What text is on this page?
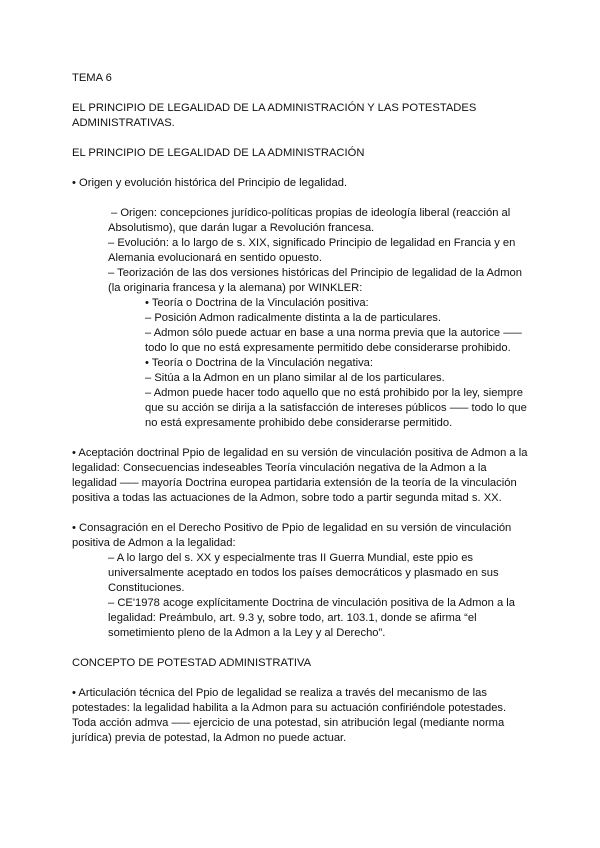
TEMA 6
EL PRINCIPIO DE LEGALIDAD DE LA ADMINISTRACIÓN Y LAS POTESTADES
ADMINISTRATIVAS.
EL PRINCIPIO DE LEGALIDAD DE LA ADMINISTRACIÓN
• Origen y evolución histórica del Principio de legalidad.
– Origen: concepciones jurídico-políticas propias de ideología liberal (reacción al
Absolutismo), que darán lugar a Revolución francesa.
– Evolución: a lo largo de s. XIX, significado Principio de legalidad en Francia y en
Alemania evolucionará en sentido opuesto.
– Teorización de las dos versiones históricas del Principio de legalidad de la Admon
(la originaria francesa y la alemana) por WINKLER:
• Teoría o Doctrina de la Vinculación positiva:
– Posición Admon radicalmente distinta a la de particulares.
– Admon sólo puede actuar en base a una norma previa que la autorice –––
todo lo que no está expresamente permitido debe considerarse prohibido.
• Teoría o Doctrina de la Vinculación negativa:
– Sitúa a la Admon en un plano similar al de los particulares.
– Admon puede hacer todo aquello que no está prohibido por la ley, siempre
que su acción se dirija a la satisfacción de intereses públicos ––– todo lo que
no está expresamente prohibido debe considerarse permitido.
• Aceptación doctrinal Ppio de legalidad en su versión de vinculación positiva de Admon a la
legalidad: Consecuencias indeseables Teoría vinculación negativa de la Admon a la
legalidad ––– mayoría Doctrina europea partidaria extensión de la teoría de la vinculación
positiva a todas las actuaciones de la Admon, sobre todo a partir segunda mitad s. XX.
• Consagración en el Derecho Positivo de Ppio de legalidad en su versión de vinculación
positiva de Admon a la legalidad:
– A lo largo del s. XX y especialmente tras II Guerra Mundial, este ppio es
universalmente aceptado en todos los países democráticos y plasmado en sus
Constituciones.
– CE'1978 acoge explícitamente Doctrina de vinculación positiva de la Admon a la
legalidad: Preámbulo, art. 9.3 y, sobre todo, art. 103.1, donde se afirma “el
sometimiento pleno de la Admon a la Ley y al Derecho”.
CONCEPTO DE POTESTAD ADMINISTRATIVA
• Articulación técnica del Ppio de legalidad se realiza a través del mecanismo de las
potestades: la legalidad habilita a la Admon para su actuación confiriéndole potestades.
Toda acción admva ––– ejercicio de una potestad, sin atribución legal (mediante norma
jurídica) previa de potestad, la Admon no puede actuar.
